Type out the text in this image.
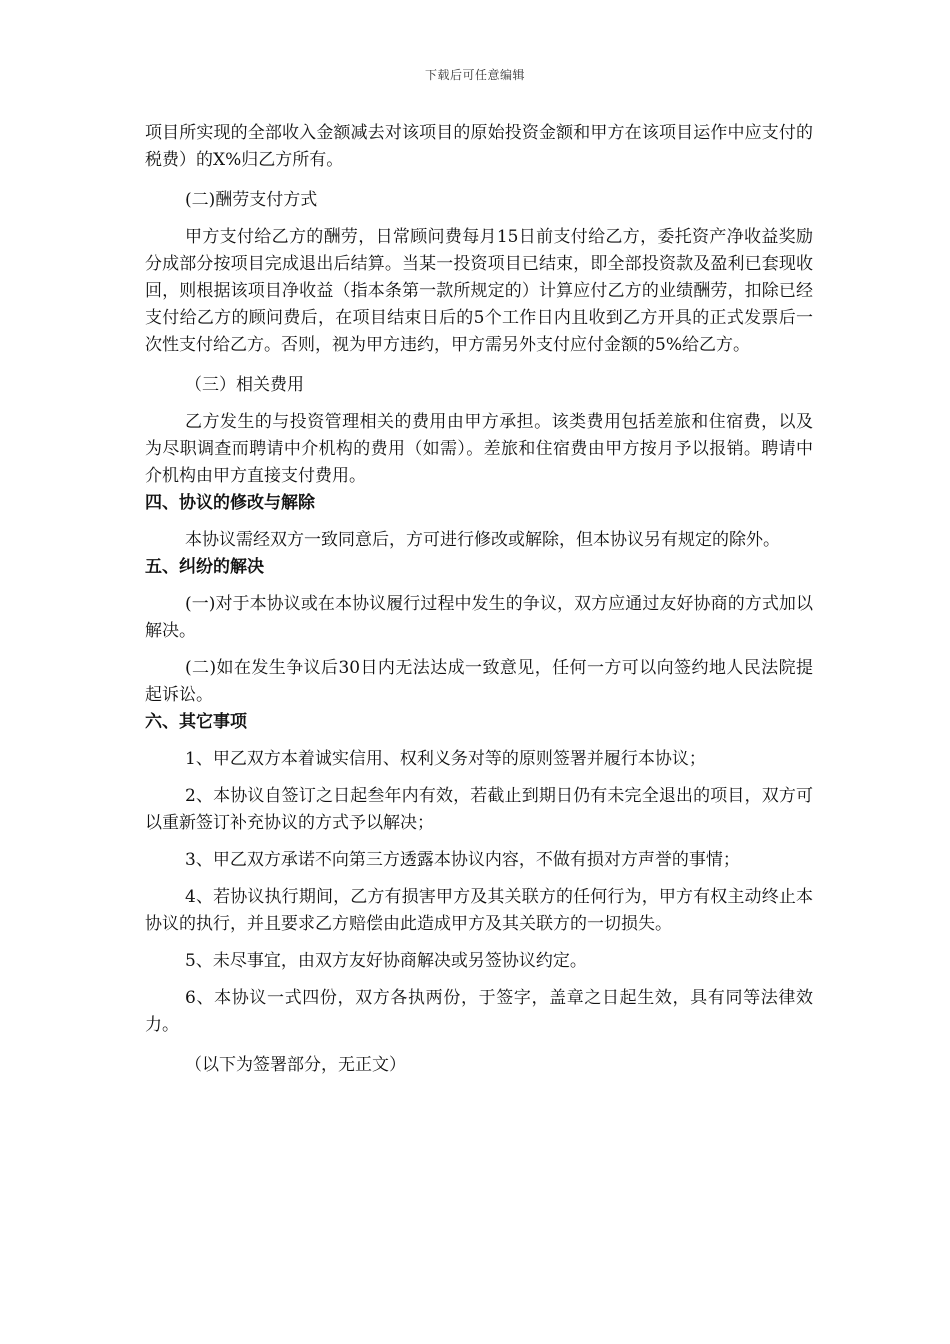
下载后可任意编辑

项目所实现的全部收入金额减去对该项目的原始投资金额和甲方在该项目运作中应支付的税费）的X%归乙方所有。

(二)酬劳支付方式

甲方支付给乙方的酬劳，日常顾问费每月15日前支付给乙方，委托资产净收益奖励分成部分按项目完成退出后结算。当某一投资项目已结束，即全部投资款及盈利已套现收回，则根据该项目净收益（指本条第一款所规定的）计算应付乙方的业绩酬劳，扣除已经支付给乙方的顾问费后，在项目结束日后的5个工作日内且收到乙方开具的正式发票后一次性支付给乙方。否则，视为甲方违约，甲方需另外支付应付金额的5%给乙方。

（三）相关费用

乙方发生的与投资管理相关的费用由甲方承担。该类费用包括差旅和住宿费，以及为尽职调查而聘请中介机构的费用（如需）。差旅和住宿费由甲方按月予以报销。聘请中介机构由甲方直接支付费用。

四、协议的修改与解除

本协议需经双方一致同意后，方可进行修改或解除，但本协议另有规定的除外。

五、纠纷的解决

(一)对于本协议或在本协议履行过程中发生的争议，双方应通过友好协商的方式加以解决。

(二)如在发生争议后30日内无法达成一致意见，任何一方可以向签约地人民法院提起诉讼。

六、其它事项

1、甲乙双方本着诚实信用、权利义务对等的原则签署并履行本协议；

2、本协议自签订之日起叁年内有效，若截止到期日仍有未完全退出的项目，双方可以重新签订补充协议的方式予以解决；

3、甲乙双方承诺不向第三方透露本协议内容，不做有损对方声誉的事情；

4、若协议执行期间，乙方有损害甲方及其关联方的任何行为，甲方有权主动终止本协议的执行，并且要求乙方赔偿由此造成甲方及其关联方的一切损失。

5、未尽事宜，由双方友好协商解决或另签协议约定。

6、本协议一式四份，双方各执两份，于签字，盖章之日起生效，具有同等法律效力。

（以下为签署部分，无正文）
